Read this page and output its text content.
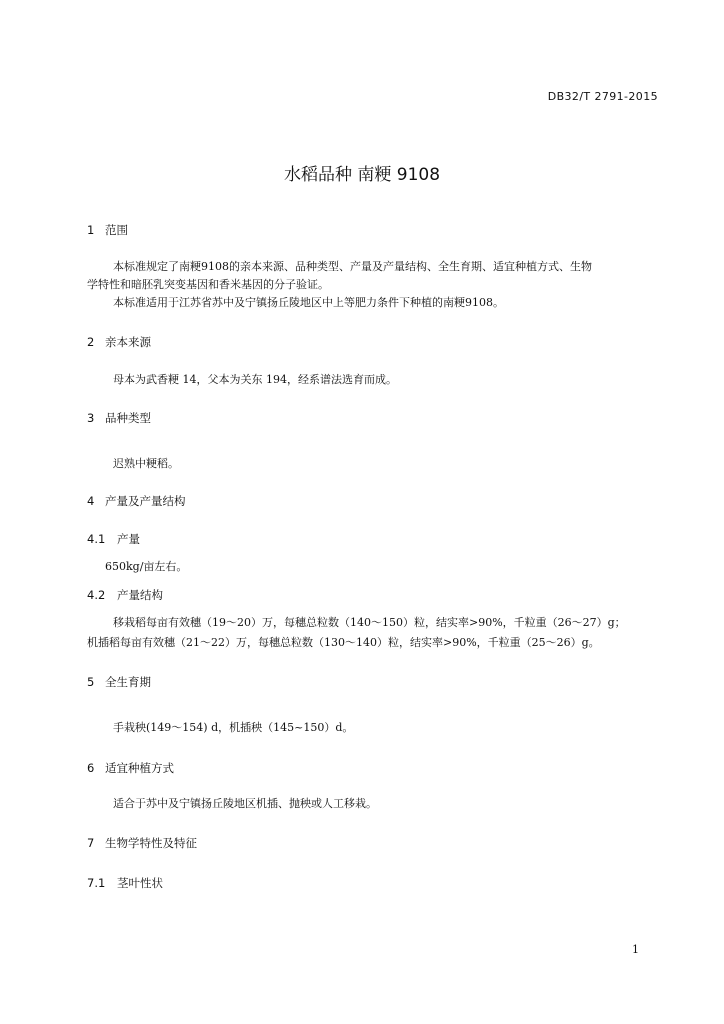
DB32/T 2791-2015
水稻品种 南粳 9108
1 范围
本标准规定了南粳9108的亲本来源、品种类型、产量及产量结构、全生育期、适宜种植方式、生物
学特性和暗胚乳突变基因和香米基因的分子验证。
本标准适用于江苏省苏中及宁镇扬丘陵地区中上等肥力条件下种植的南粳9108。
2 亲本来源
母本为武香粳 14，父本为关东 194，经系谱法选育而成。
3 品种类型
迟熟中粳稻。
4 产量及产量结构
4.1 产量
650kg/亩左右。
4.2 产量结构
移栽稻每亩有效穗（19～20）万，每穗总粒数（140～150）粒，结实率>90%，千粒重（26～27）g；
机插稻每亩有效穗（21～22）万，每穗总粒数（130～140）粒，结实率>90%，千粒重（25～26）g。
5 全生育期
手栽秧(149～154) d，机插秧（145~150）d。
6 适宜种植方式
适合于苏中及宁镇扬丘陵地区机插、抛秧或人工移栽。
7 生物学特性及特征
7.1 茎叶性状
1
